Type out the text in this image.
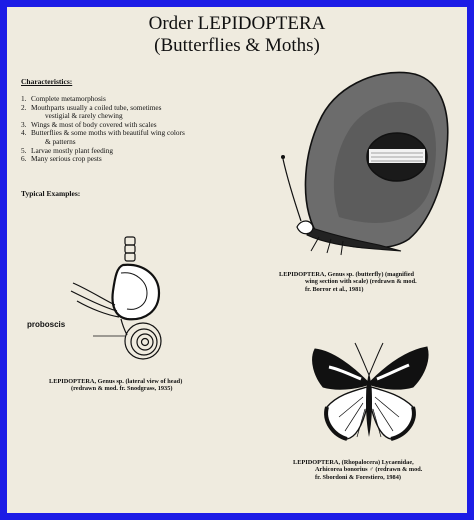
Order LEPIDOPTERA
(Butterflies & Moths)
Characteristics:
1. Complete metamorphosis
2. Mouthparts usually a coiled tube, sometimes
vestigial & rarely chewing
3. Wings & most of body covered with scales
4. Butterflies & some moths with beautiful wing colors
& patterns
5. Larvae mostly plant feeding
6. Many serious crop pests
Typical Examples:
LEPIDOPTERA, Genus sp. (butterfly) (magnified
wing section with scale) (redrawn & mod.
fr. Borror et al., 1981)
proboscis
LEPIDOPTERA, Genus sp. (lateral view of head)
(redrawn & mod. fr. Snodgrass, 1935)
LEPIDOPTERA, (Rhopalocera) Lycaenidae,
Arhicorea bonorius ♂ (redrawn & mod.
fr. Sbordoni & Forestiero, 1984)
